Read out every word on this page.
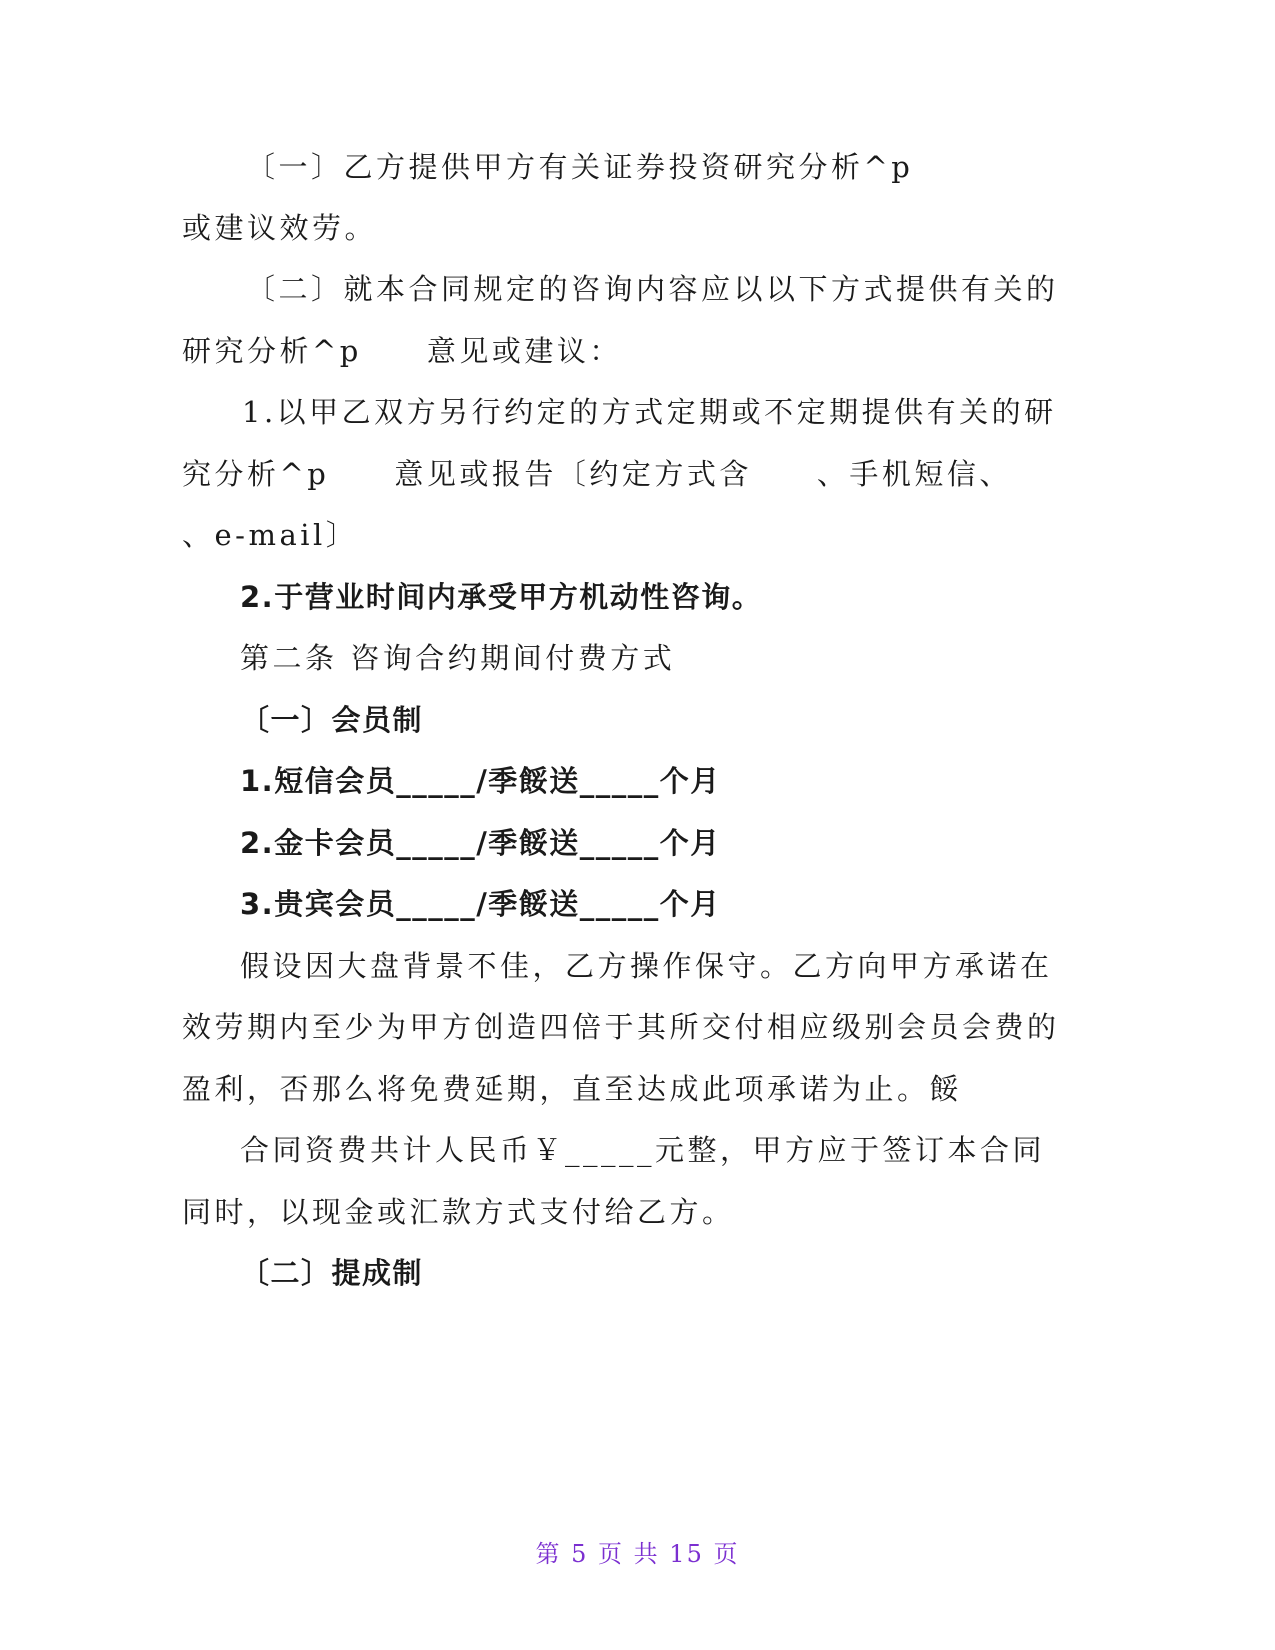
〔一〕乙方提供甲方有关证券投资研究分析^p
或建议效劳。
〔二〕就本合同规定的咨询内容应以以下方式提供有关的
研究分析^p　　意见或建议：
1.以甲乙双方另行约定的方式定期或不定期提供有关的研
究分析^p　　意见或报告〔约定方式含　　、手机短信、
、e-mail〕
2.于营业时间内承受甲方机动性咨询。
第二条 咨询合约期间付费方式
〔一〕会员制
1.短信会员_____/季餒送_____个月
2.金卡会员_____/季餒送_____个月
3.贵宾会员_____/季餒送_____个月
假设因大盘背景不佳，乙方操作保守。乙方向甲方承诺在
效劳期内至少为甲方创造四倍于其所交付相应级别会员会费的
盈利，否那么将免费延期，直至达成此项承诺为止。餒
合同资费共计人民币￥_____元整，甲方应于签订本合同
同时，以现金或汇款方式支付给乙方。
〔二〕提成制
第 5 页 共 15 页
